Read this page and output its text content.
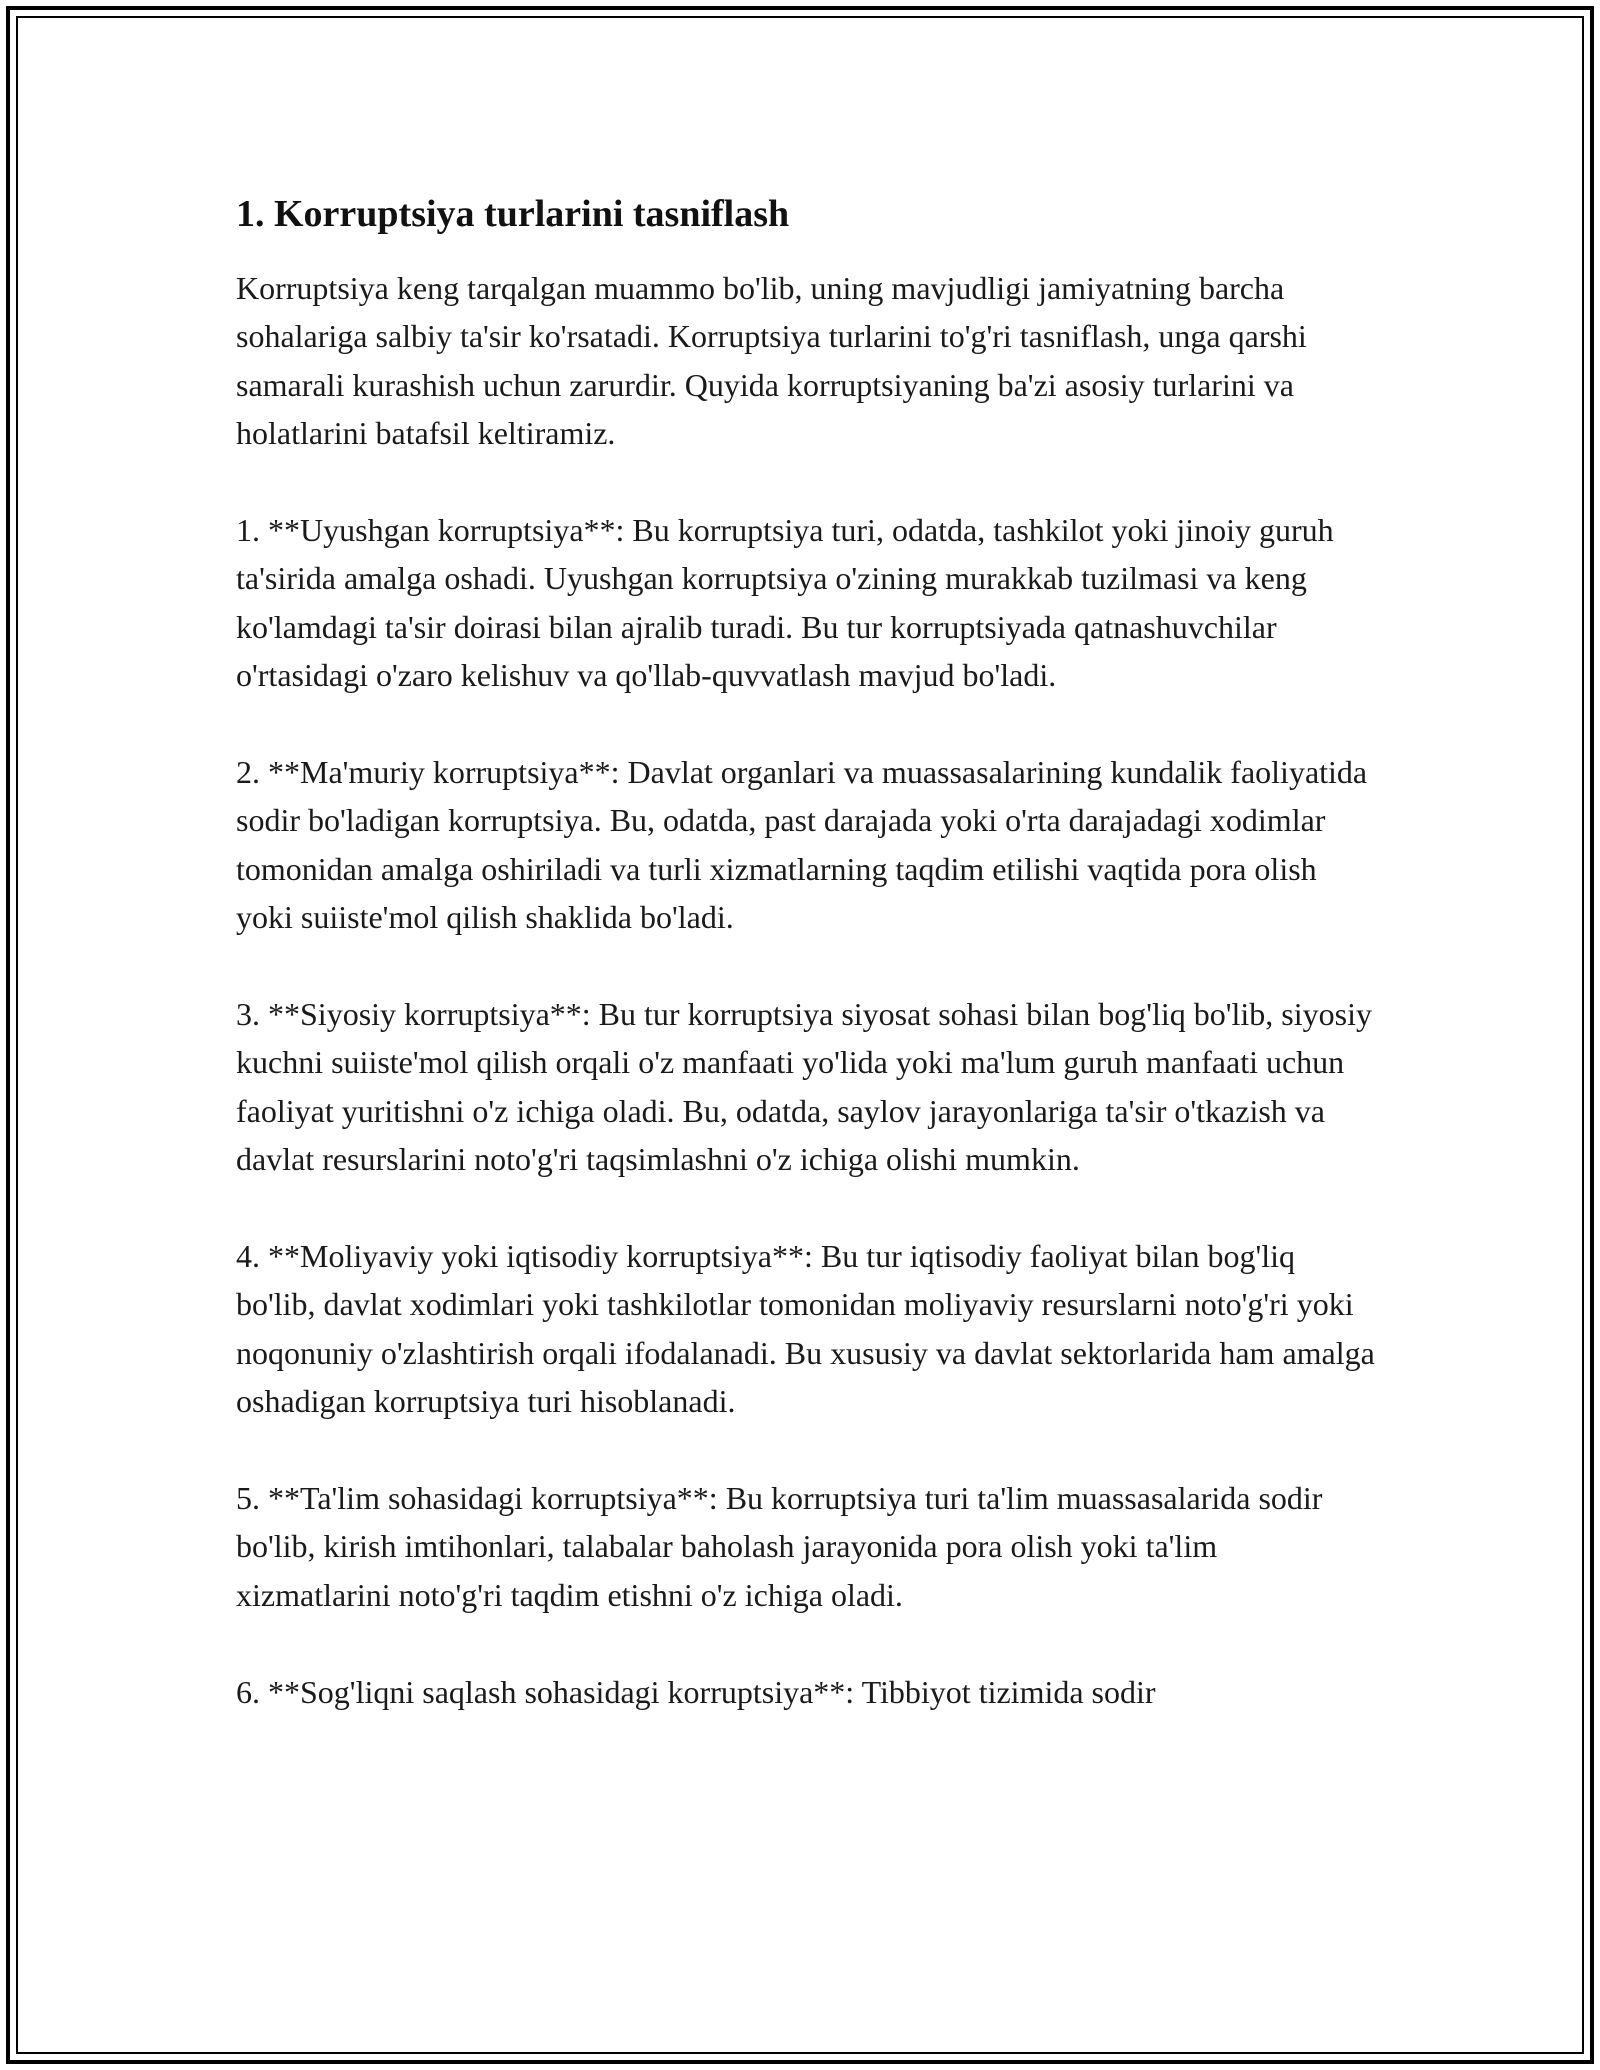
1. Korruptsiya turlarini tasniflash

Korruptsiya keng tarqalgan muammo bo'lib, uning mavjudligi jamiyatning barcha sohalariga salbiy ta'sir ko'rsatadi. Korruptsiya turlarini to'g'ri tasniflash, unga qarshi samarali kurashish uchun zarurdir. Quyida korruptsiyaning ba'zi asosiy turlarini va holatlarini batafsil keltiramiz.

1. **Uyushgan korruptsiya**: Bu korruptsiya turi, odatda, tashkilot yoki jinoiy guruh ta'sirida amalga oshadi. Uyushgan korruptsiya o'zining murakkab tuzilmasi va keng ko'lamdagi ta'sir doirasi bilan ajralib turadi. Bu tur korruptsiyada qatnashuvchilar o'rtasidagi o'zaro kelishuv va qo'llab-quvvatlash mavjud bo'ladi.

2. **Ma'muriy korruptsiya**: Davlat organlari va muassasalarining kundalik faoliyatida sodir bo'ladigan korruptsiya. Bu, odatda, past darajada yoki o'rta darajadagi xodimlar tomonidan amalga oshiriladi va turli xizmatlarning taqdim etilishi vaqtida pora olish yoki suiiste'mol qilish shaklida bo'ladi.

3. **Siyosiy korruptsiya**: Bu tur korruptsiya siyosat sohasi bilan bog'liq bo'lib, siyosiy kuchni suiiste'mol qilish orqali o'z manfaati yo'lida yoki ma'lum guruh manfaati uchun faoliyat yuritishni o'z ichiga oladi. Bu, odatda, saylov jarayonlariga ta'sir o'tkazish va davlat resurslarini noto'g'ri taqsimlashni o'z ichiga olishi mumkin.

4. **Moliyaviy yoki iqtisodiy korruptsiya**: Bu tur iqtisodiy faoliyat bilan bog'liq bo'lib, davlat xodimlari yoki tashkilotlar tomonidan moliyaviy resurslarni noto'g'ri yoki noqonuniy o'zlashtirish orqali ifodalanadi. Bu xususiy va davlat sektorlarida ham amalga oshadigan korruptsiya turi hisoblanadi.

5. **Ta'lim sohasidagi korruptsiya**: Bu korruptsiya turi ta'lim muassasalarida sodir bo'lib, kirish imtihonlari, talabalar baholash jarayonida pora olish yoki ta'lim xizmatlarini noto'g'ri taqdim etishni o'z ichiga oladi.

6. **Sog'liqni saqlash sohasidagi korruptsiya**: Tibbiyot tizimida sodir
